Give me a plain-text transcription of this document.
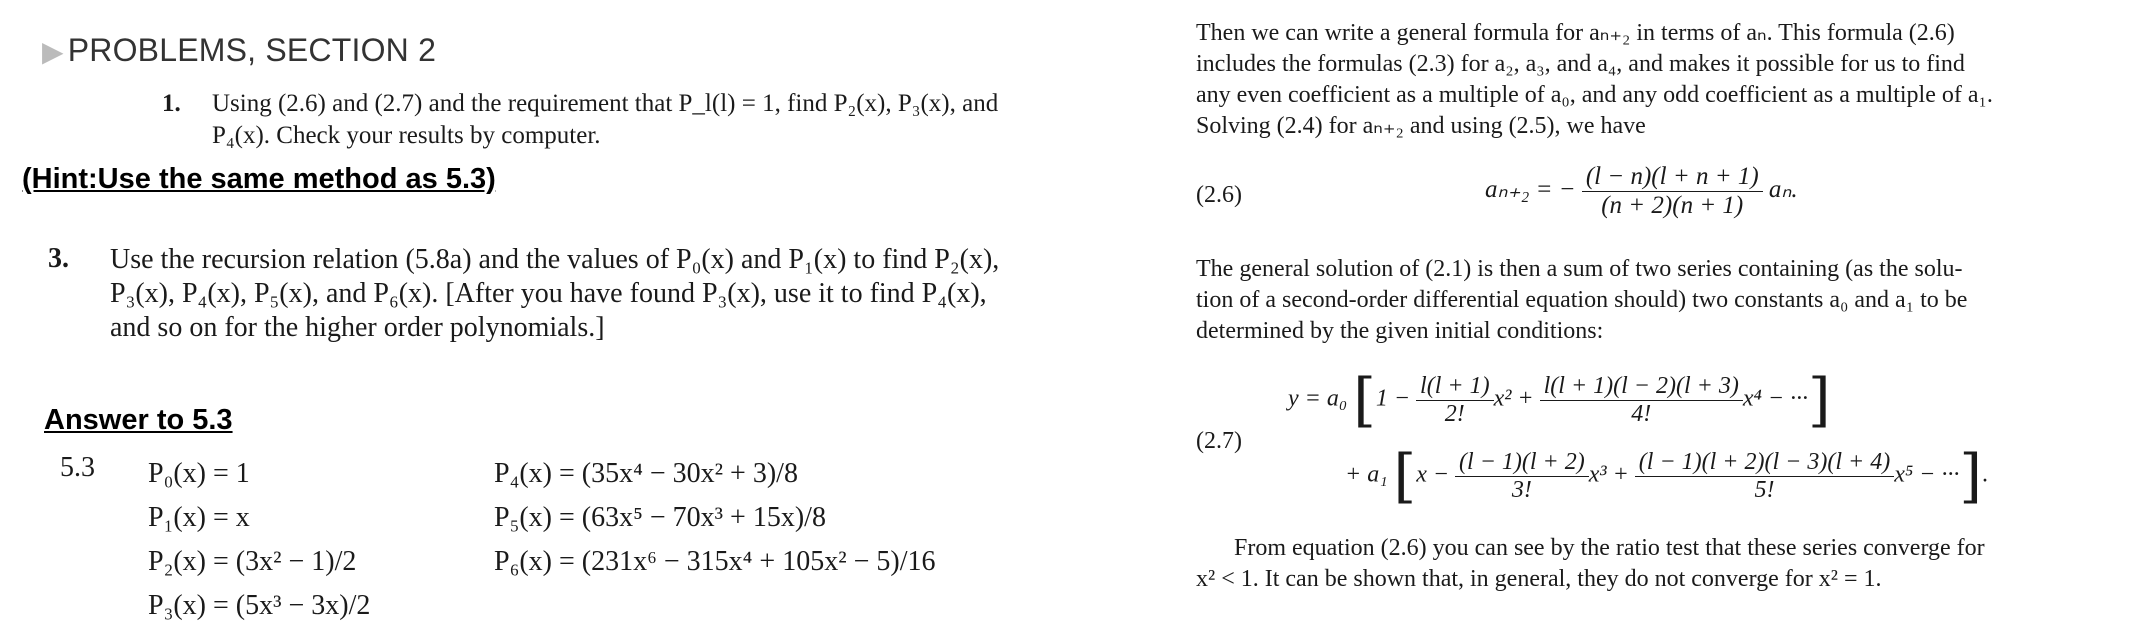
▶ PROBLEMS, SECTION 2
1. Using (2.6) and (2.7) and the requirement that P_l(l) = 1, find P₂(x), P₃(x), and
P₄(x). Check your results by computer.
(Hint:Use the same method as 5.3)
3. Use the recursion relation (5.8a) and the values of P₀(x) and P₁(x) to find P₂(x),
P₃(x), P₄(x), P₅(x), and P₆(x). [After you have found P₃(x), use it to find P₄(x),
and so on for the higher order polynomials.]
Answer to 5.3
5.3 P₀(x) = 1
P₁(x) = x
P₂(x) = (3x² − 1)/2
P₃(x) = (5x³ − 3x)/2
P₄(x) = (35x⁴ − 30x² + 3)/8
P₅(x) = (63x⁵ − 70x³ + 15x)/8
P₆(x) = (231x⁶ − 315x⁴ + 105x² − 5)/16
Then we can write a general formula for aₙ₊₂ in terms of aₙ. This formula (2.6)
includes the formulas (2.3) for a₂, a₃, and a₄, and makes it possible for us to find
any even coefficient as a multiple of a₀, and any odd coefficient as a multiple of a₁.
Solving (2.4) for aₙ₊₂ and using (2.5), we have
(2.6)	aₙ₊₂ = − $\frac{(l - n)(l + n + 1)}{(n + 2)(n + 1)} a_n$.
The general solution of (2.1) is then a sum of two series containing (as the solu-
tion of a second-order differential equation should) two constants a₀ and a₁ to be
determined by the given initial conditions:
(2.7)
y = a₀ [$1 - \frac{l(l + 1)}{2!} x^2 + \frac{l(l + 1)(l - 2)(l + 3)}{4!} x^4$ − ···]
+ a₁ [$x - \frac{(l - 1)(l + 2)}{3!} x^3 + \frac{(l - 1)(l + 2)(l - 3)(l + 4)}{5!} x^5$ − ···].
From equation (2.6) you can see by the ratio test that these series converge for
x² < 1. It can be shown that, in general, they do not converge for x² = 1.
